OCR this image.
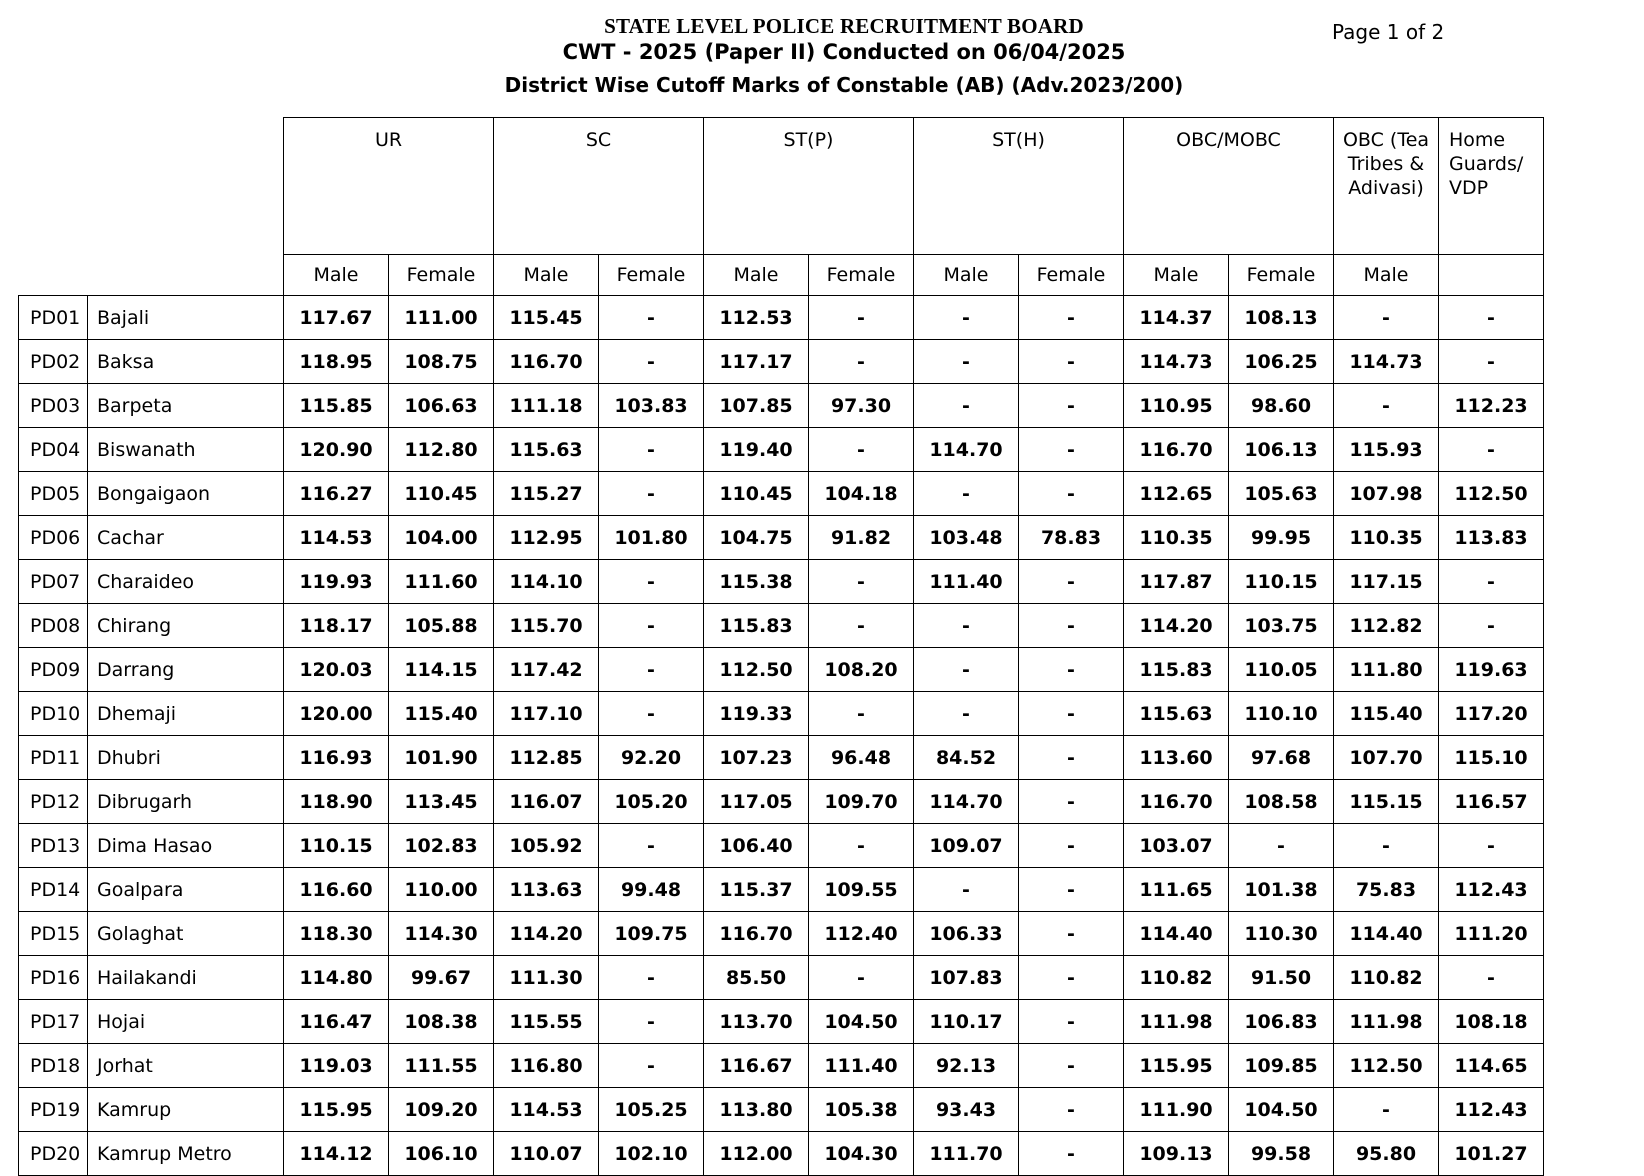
STATE LEVEL POLICE RECRUITMENT BOARD
CWT - 2025 (Paper II) Conducted on 06/04/2025
District Wise Cutoff Marks of Constable (AB) (Adv.2023/200)
Page 1 of 2
		UR		SC		ST(P)		ST(H)		OBC/MOBC		OBC (Tea Tribes & Adivasi)	Home Guards/ VDP
		Male	Female	Male	Female	Male	Female	Male	Female	Male	Female	Male	
PD01	Bajali	117.67	111.00	115.45	-	112.53	-	-	-	114.37	108.13	-	-
PD02	Baksa	118.95	108.75	116.70	-	117.17	-	-	-	114.73	106.25	114.73	-
PD03	Barpeta	115.85	106.63	111.18	103.83	107.85	97.30	-	-	110.95	98.60	-	112.23
PD04	Biswanath	120.90	112.80	115.63	-	119.40	-	114.70	-	116.70	106.13	115.93	-
PD05	Bongaigaon	116.27	110.45	115.27	-	110.45	104.18	-	-	112.65	105.63	107.98	112.50
PD06	Cachar	114.53	104.00	112.95	101.80	104.75	91.82	103.48	78.83	110.35	99.95	110.35	113.83
PD07	Charaideo	119.93	111.60	114.10	-	115.38	-	111.40	-	117.87	110.15	117.15	-
PD08	Chirang	118.17	105.88	115.70	-	115.83	-	-	-	114.20	103.75	112.82	-
PD09	Darrang	120.03	114.15	117.42	-	112.50	108.20	-	-	115.83	110.05	111.80	119.63
PD10	Dhemaji	120.00	115.40	117.10	-	119.33	-	-	-	115.63	110.10	115.40	117.20
PD11	Dhubri	116.93	101.90	112.85	92.20	107.23	96.48	84.52	-	113.60	97.68	107.70	115.10
PD12	Dibrugarh	118.90	113.45	116.07	105.20	117.05	109.70	114.70	-	116.70	108.58	115.15	116.57
PD13	Dima Hasao	110.15	102.83	105.92	-	106.40	-	109.07	-	103.07	-	-	-
PD14	Goalpara	116.60	110.00	113.63	99.48	115.37	109.55	-	-	111.65	101.38	75.83	112.43
PD15	Golaghat	118.30	114.30	114.20	109.75	116.70	112.40	106.33	-	114.40	110.30	114.40	111.20
PD16	Hailakandi	114.80	99.67	111.30	-	85.50	-	107.83	-	110.82	91.50	110.82	-
PD17	Hojai	116.47	108.38	115.55	-	113.70	104.50	110.17	-	111.98	106.83	111.98	108.18
PD18	Jorhat	119.03	111.55	116.80	-	116.67	111.40	92.13	-	115.95	109.85	112.50	114.65
PD19	Kamrup	115.95	109.20	114.53	105.25	113.80	105.38	93.43	-	111.90	104.50	-	112.43
PD20	Kamrup Metro	114.12	106.10	110.07	102.10	112.00	104.30	111.70	-	109.13	99.58	95.80	101.27
